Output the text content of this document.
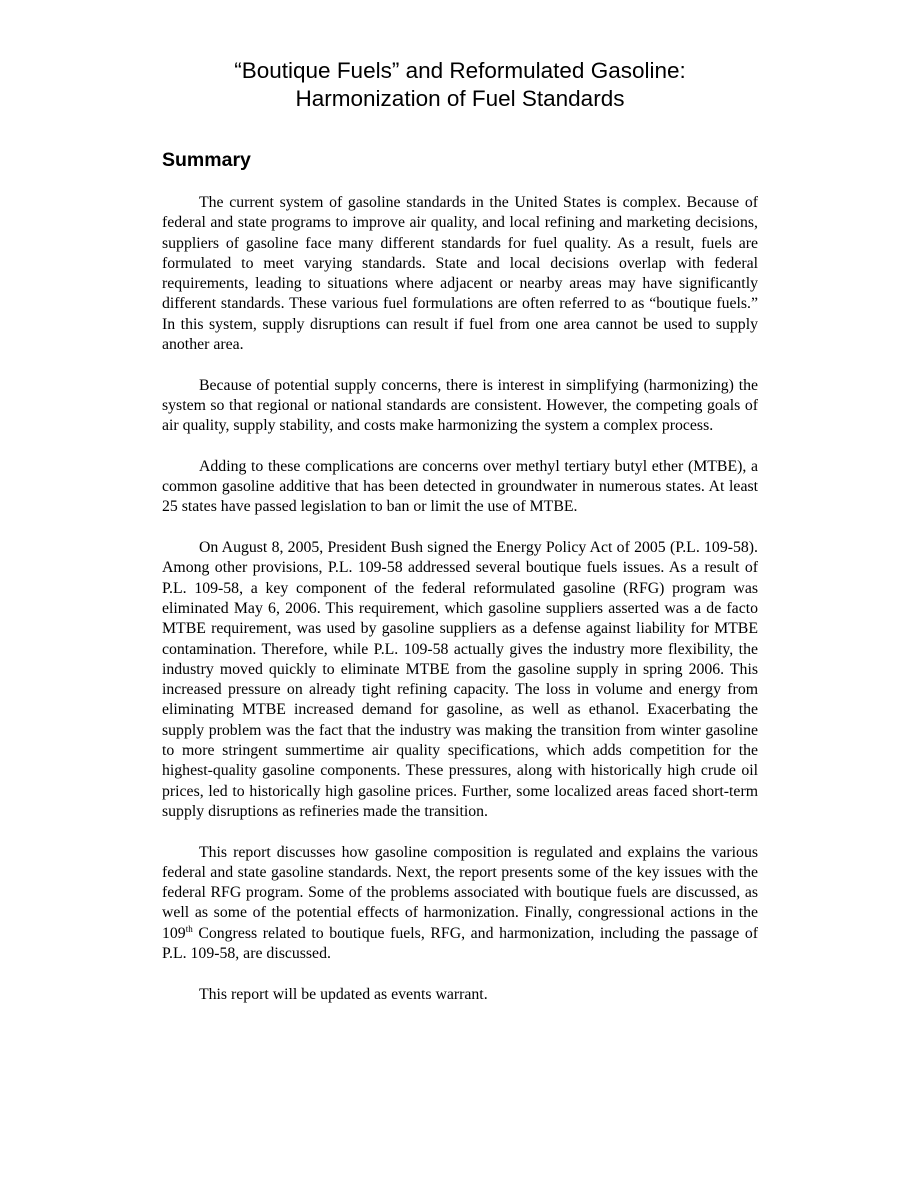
“Boutique Fuels” and Reformulated Gasoline:
Harmonization of Fuel Standards
Summary

The current system of gasoline standards in the United States is complex. Because of federal and state programs to improve air quality, and local refining and marketing decisions, suppliers of gasoline face many different standards for fuel quality. As a result, fuels are formulated to meet varying standards. State and local decisions overlap with federal requirements, leading to situations where adjacent or nearby areas may have significantly different standards. These various fuel formulations are often referred to as “boutique fuels.” In this system, supply disruptions can result if fuel from one area cannot be used to supply another area.

Because of potential supply concerns, there is interest in simplifying (harmonizing) the system so that regional or national standards are consistent. However, the competing goals of air quality, supply stability, and costs make harmonizing the system a complex process.

Adding to these complications are concerns over methyl tertiary butyl ether (MTBE), a common gasoline additive that has been detected in groundwater in numerous states. At least 25 states have passed legislation to ban or limit the use of MTBE.

On August 8, 2005, President Bush signed the Energy Policy Act of 2005 (P.L. 109-58). Among other provisions, P.L. 109-58 addressed several boutique fuels issues. As a result of P.L. 109-58, a key component of the federal reformulated gasoline (RFG) program was eliminated May 6, 2006. This requirement, which gasoline suppliers asserted was a de facto MTBE requirement, was used by gasoline suppliers as a defense against liability for MTBE contamination. Therefore, while P.L. 109-58 actually gives the industry more flexibility, the industry moved quickly to eliminate MTBE from the gasoline supply in spring 2006. This increased pressure on already tight refining capacity. The loss in volume and energy from eliminating MTBE increased demand for gasoline, as well as ethanol. Exacerbating the supply problem was the fact that the industry was making the transition from winter gasoline to more stringent summertime air quality specifications, which adds competition for the highest-quality gasoline components. These pressures, along with historically high crude oil prices, led to historically high gasoline prices. Further, some localized areas faced short-term supply disruptions as refineries made the transition.

This report discusses how gasoline composition is regulated and explains the various federal and state gasoline standards. Next, the report presents some of the key issues with the federal RFG program. Some of the problems associated with boutique fuels are discussed, as well as some of the potential effects of harmonization. Finally, congressional actions in the 109th Congress related to boutique fuels, RFG, and harmonization, including the passage of P.L. 109-58, are discussed.

This report will be updated as events warrant.
